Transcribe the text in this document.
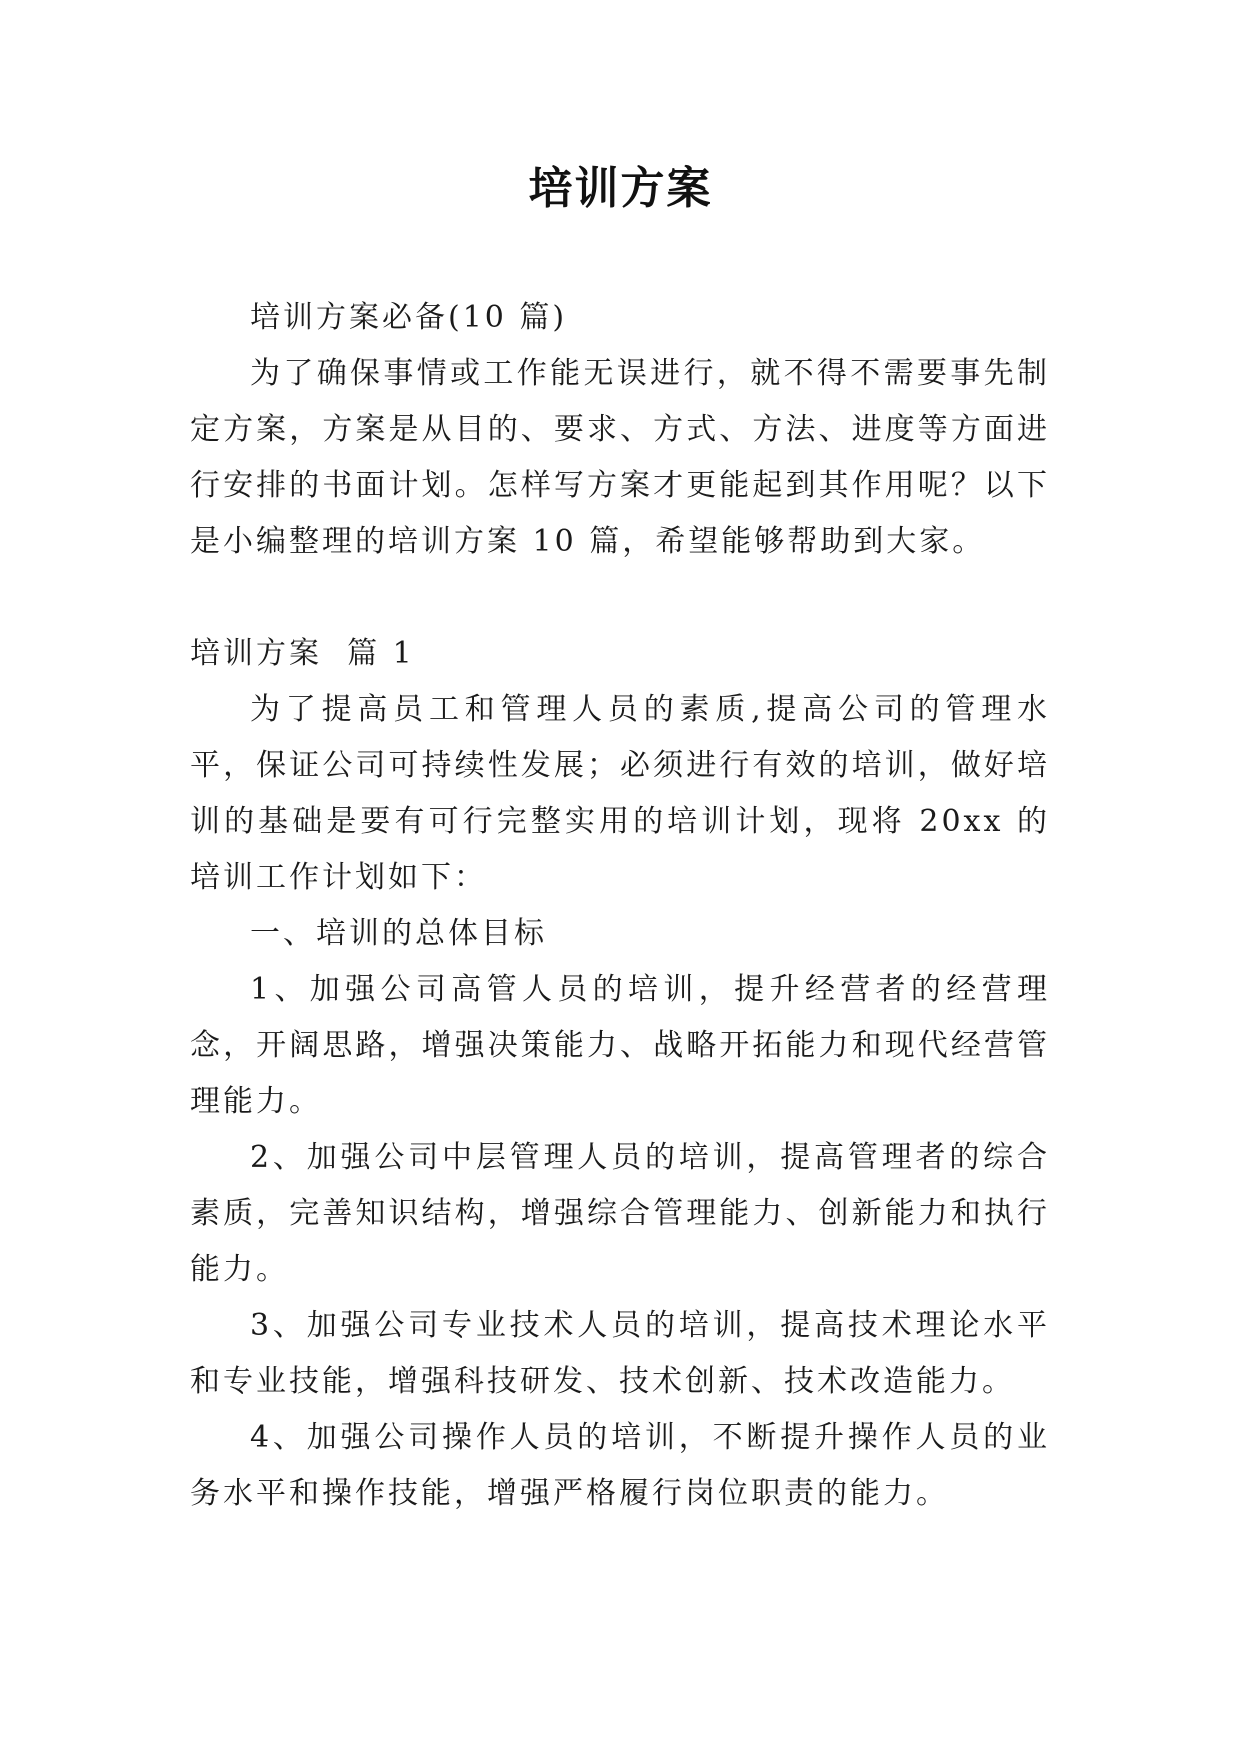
培训方案

培训方案必备(10 篇)

为了确保事情或工作能无误进行，就不得不需要事先制定方案，方案是从目的、要求、方式、方法、进度等方面进行安排的书面计划。怎样写方案才更能起到其作用呢？以下是小编整理的培训方案 10 篇，希望能够帮助到大家。

培训方案  篇 1

为了提高员工和管理人员的素质,提高公司的管理水平，保证公司可持续性发展；必须进行有效的培训，做好培训的基础是要有可行完整实用的培训计划，现将 20xx 的培训工作计划如下：

一、培训的总体目标

1、加强公司高管人员的培训，提升经营者的经营理念，开阔思路，增强决策能力、战略开拓能力和现代经营管理能力。

2、加强公司中层管理人员的培训，提高管理者的综合素质，完善知识结构，增强综合管理能力、创新能力和执行能力。

3、加强公司专业技术人员的培训，提高技术理论水平和专业技能，增强科技研发、技术创新、技术改造能力。

4、加强公司操作人员的培训，不断提升操作人员的业务水平和操作技能，增强严格履行岗位职责的能力。
